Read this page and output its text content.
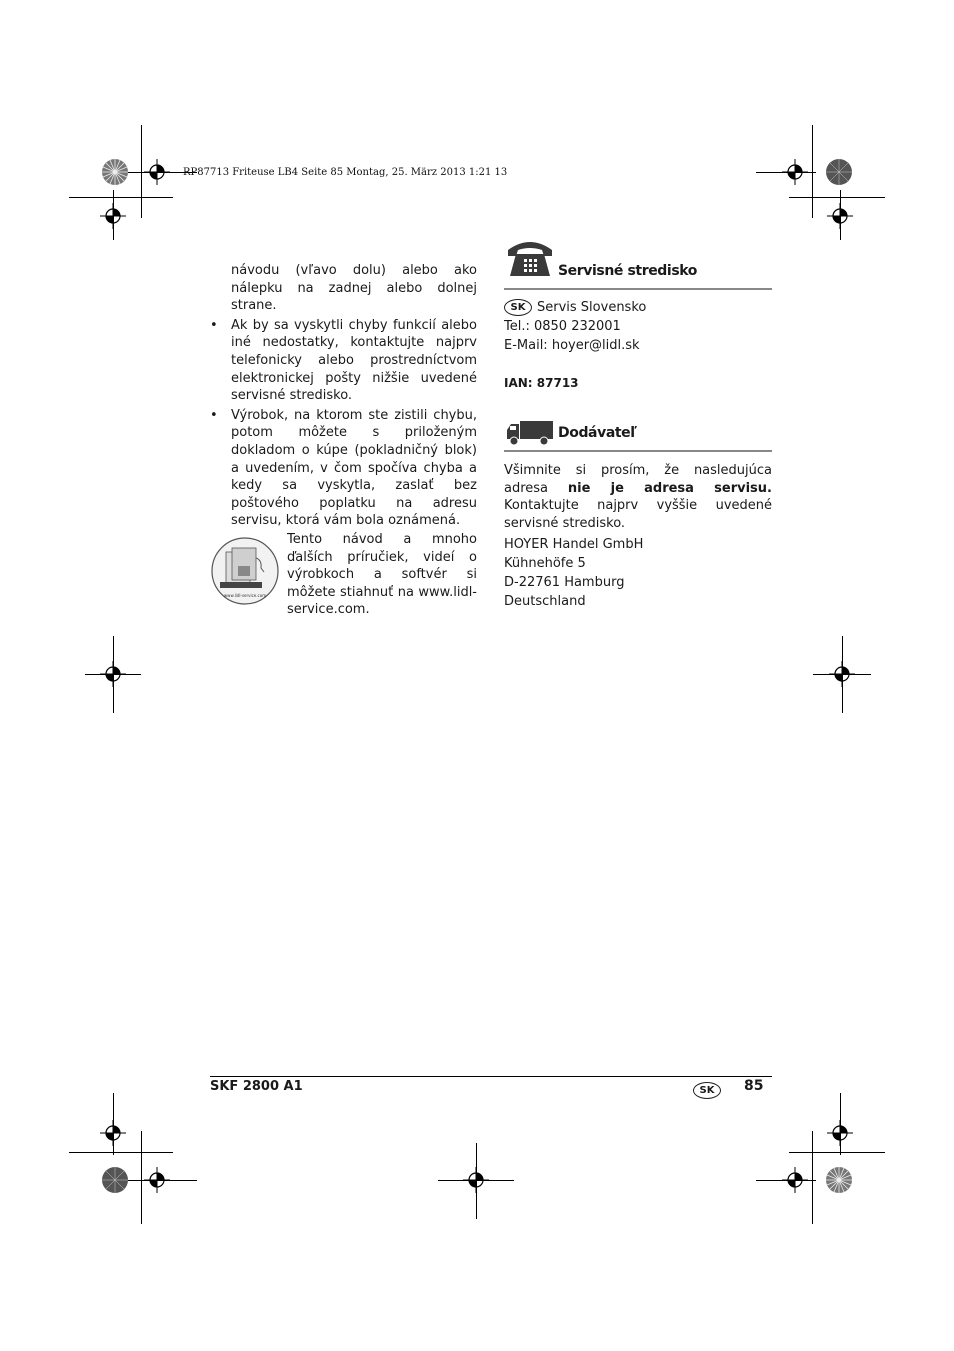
RP87713 Friteuse LB4 Seite 85 Montag, 25. März 2013 1:21 13

návodu (vľavo dolu) alebo ako nálepku na zadnej alebo dolnej strane.

• Ak by sa vyskytli chyby funkcií alebo iné nedostatky, kontaktujte najprv telefonicky alebo prostredníctvom elektronickej pošty nižšie uvedené servisné stredisko.
• Výrobok, na ktorom ste zistili chybu, potom môžete s priloženým dokladom o kúpe (pokladničný blok) a uvedením, v čom spočíva chyba a kedy sa vyskytla, zaslať bez poštového poplatku na adresu servisu, ktorá vám bola oznámená.
www.lidl-service.com

Tento návod a mnoho ďalších príručiek, videí o výrobkoch a softvér si môžete stiahnuť na www.lidl-service.com.

Servisné stredisko

SK Servis Slovensko

Tel.: 0850 232001

E-Mail: hoyer@lidl.sk

IAN: 87713
Dodávateľ

Všimnite si prosím, že nasledujúca adresa nie je adresa servisu. Kontaktujte najprv vyššie uvedené servisné stredisko.

HOYER Handel GmbH

Kühnehöfe 5

D-22761 Hamburg

Deutschland

SKF 2800 A1	SK	85
